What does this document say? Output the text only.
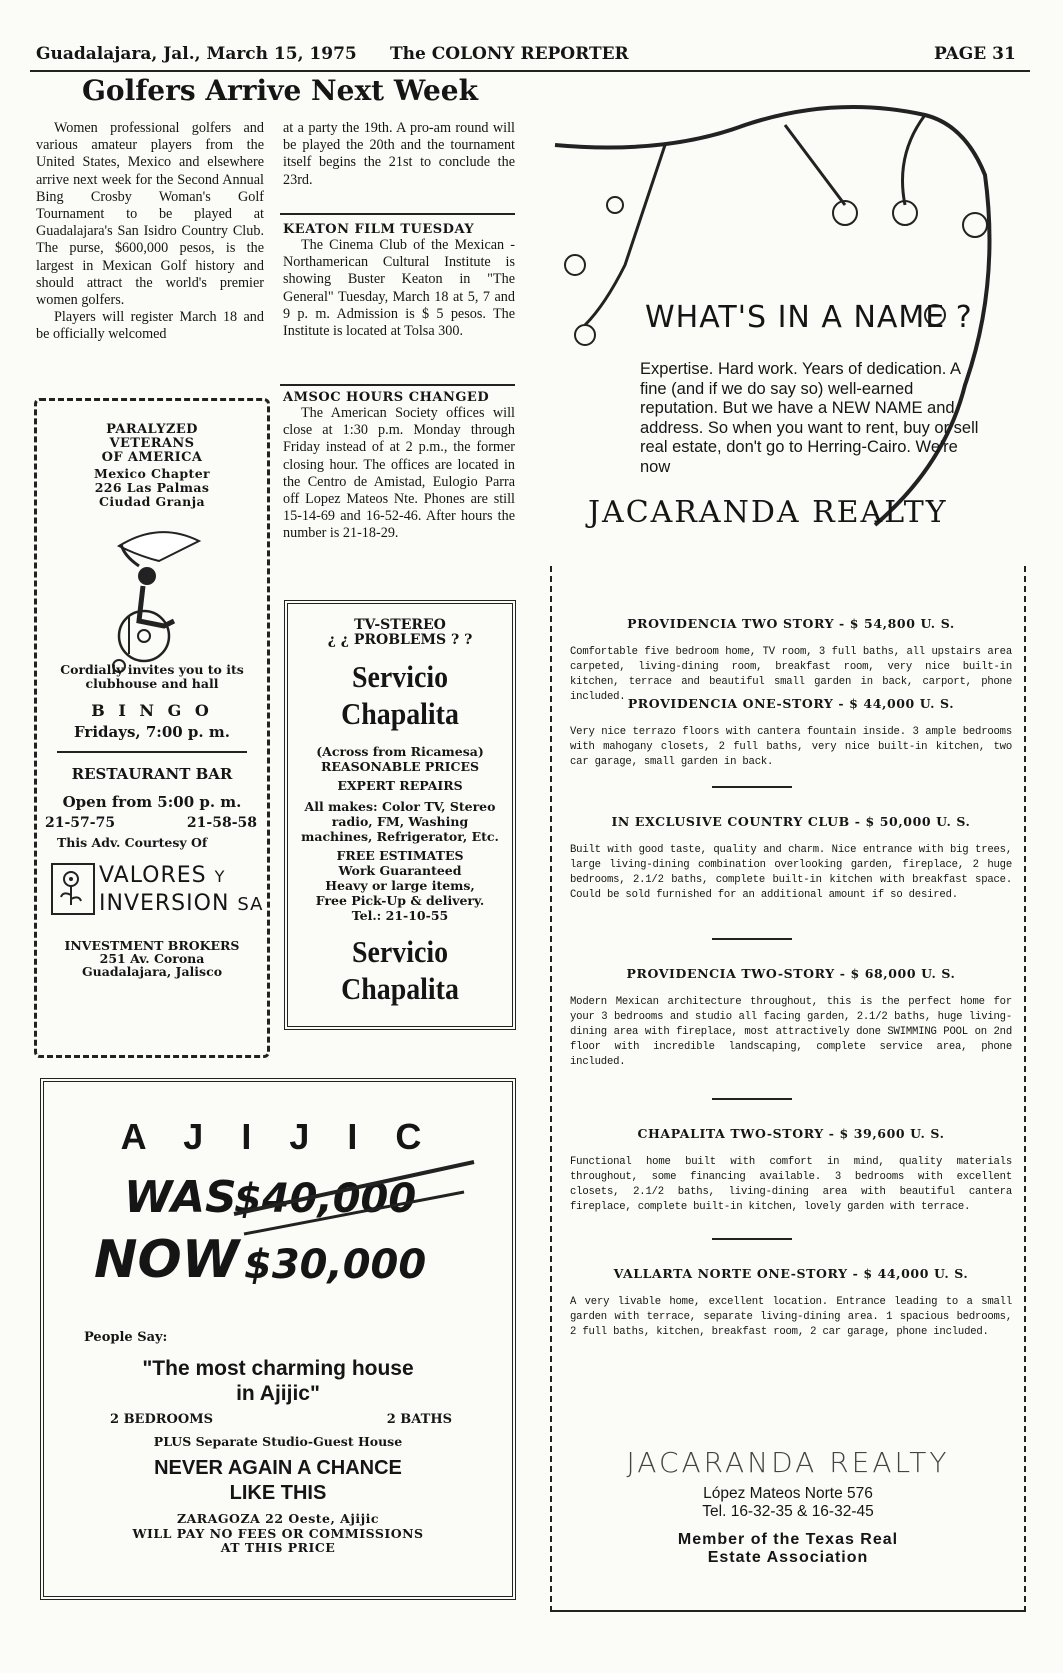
Guadalajara, Jal., March 15, 1975 The COLONY REPORTER	PAGE 31
Golfers Arrive Next Week

Women professional golfers and various amateur players from the United States, Mexico and elsewhere arrive next week for the Second Annual Bing Crosby Woman's Golf Tournament to be played at Guadalajara's San Isidro Country Club. The purse, $600,000 pesos, is the largest in Mexican Golf history and should attract the world's premier women golfers.

Players will register March 18 and be officially welcomed

at a party the 19th. A pro-am round will be played the 20th and the tournament itself begins the 21st to conclude the 23rd.

KEATON FILM TUESDAY

The Cinema Club of the Mexican - Northamerican Cultural Institute is showing Buster Keaton in "The General" Tuesday, March 18 at 5, 7 and 9 p. m. Admission is $ 5 pesos. The Institute is located at Tolsa 300.

AMSOC HOURS CHANGED

The American Society offices will close at 1:30 p.m. Monday through Friday instead of at 2 p.m., the former closing hour. The offices are located in the Centro de Amistad, Eulogio Parra off Lopez Mateos Nte. Phones are still 15-14-69 and 16-52-46. After hours the number is 21-18-29.

PARALYZED
VETERANS
OF AMERICA
Mexico Chapter
226 Las Palmas
Ciudad Granja
Cordially invites you to its
clubhouse and hall
B I N G O
Fridays, 7:00 p. m.
RESTAURANT BAR
Open from 5:00 p. m.
21-57-75	21-58-58
This Adv. Courtesy Of
VALORES Y
INVERSION SA
INVESTMENT BROKERS
251 Av. Corona
Guadalajara, Jalisco
TV-STEREO
¿ ¿ PROBLEMS ? ?
Servicio
Chapalita
(Across from Ricamesa)
REASONABLE PRICES
EXPERT REPAIRS
All makes: Color TV, Stereo radio, FM, Washing machines, Refrigerator, Etc.
FREE ESTIMATES
Work Guaranteed
Heavy or large items,
Free Pick-Up & delivery.
Tel.: 21-10-55
Servicio
Chapalita
A J I J I C
WAS
$40,000
NOW $30,000
People Say:
"The most charming house
in Ajijic"
2 BEDROOMS	2 BATHS
PLUS Separate Studio-Guest House
NEVER AGAIN A CHANCE
LIKE THIS
ZARAGOZA 22 Oeste, Ajijic
WILL PAY NO FEES OR COMMISSIONS
AT THIS PRICE
WHAT'S IN A NAME ?
Expertise. Hard work. Years of dedication. A fine (and if we do say so) well-earned reputation. But we have a NEW NAME and address. So when you want to rent, buy or sell real estate, don't go to Herring-Cairo. We're now
JACARANDA REALTY
PROVIDENCIA TWO STORY - $ 54,800 U. S.
Comfortable five bedroom home, TV room, 3 full baths, all upstairs area carpeted, living-dining room, breakfast room, very nice built-in kitchen, terrace and beautiful small garden in back, carport, phone included. PROVIDENCIA ONE-STORY - $ 44,000 U. S.
Very nice terrazo floors with cantera fountain inside. 3 ample bedrooms with mahogany closets, 2 full baths, very nice built-in kitchen, two car garage, small garden in back.
IN EXCLUSIVE COUNTRY CLUB - $ 50,000 U. S.
Built with good taste, quality and charm. Nice entrance with big trees, large living-dining combination overlooking garden, fireplace, 2 huge bedrooms, 2.1/2 baths, complete built-in kitchen with breakfast space. Could be sold furnished for an additional amount if so desired.
PROVIDENCIA TWO-STORY - $ 68,000 U. S.
Modern Mexican architecture throughout, this is the perfect home for your 3 bedrooms and studio all facing garden, 2.1/2 baths, huge living-dining area with fireplace, most attractively done SWIMMING POOL on 2nd floor with incredible landscaping, complete service area, phone included.
CHAPALITA TWO-STORY - $ 39,600 U. S.
Functional home built with comfort in mind, quality materials throughout, some financing available. 3 bedrooms with excellent closets, 2.1/2 baths, living-dining area with beautiful cantera fireplace, complete built-in kitchen, lovely garden with terrace.
VALLARTA NORTE ONE-STORY - $ 44,000 U. S.
A very livable home, excellent location. Entrance leading to a small garden with terrace, separate living-dining area. 1 spacious bedrooms, 2 full baths, kitchen, breakfast room, 2 car garage, phone included.
JACARANDA REALTY
López Mateos Norte 576
Tel. 16-32-35 & 16-32-45
Member of the Texas Real
Estate Association
